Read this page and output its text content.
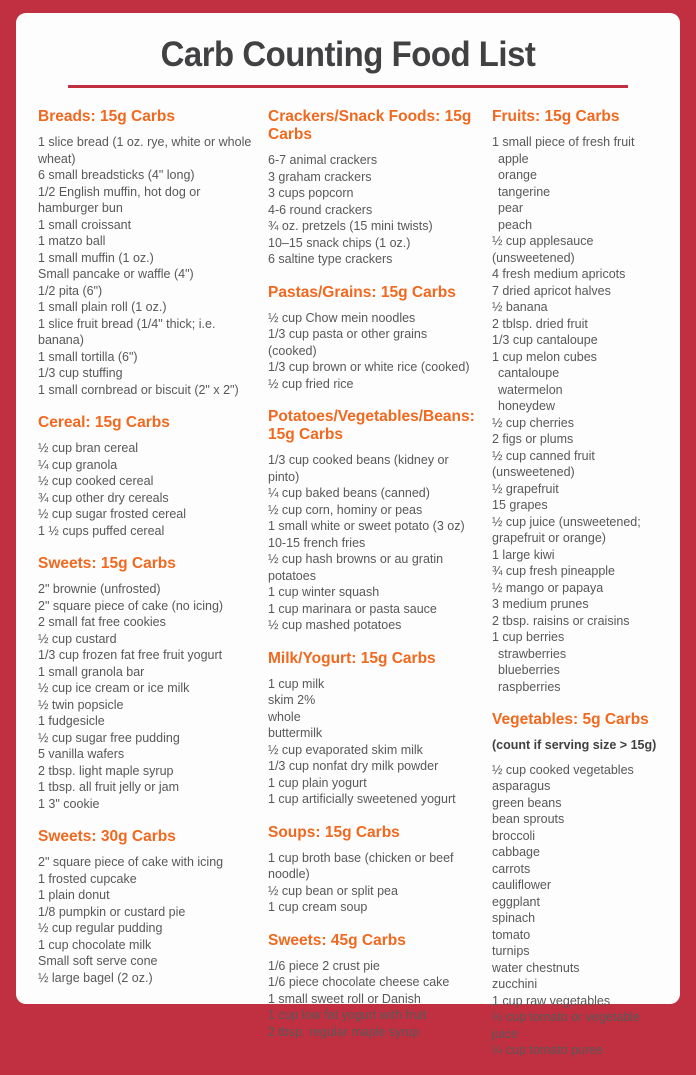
Carb Counting Food List
Breads: 15g Carbs
1 slice bread (1 oz. rye, white or whole wheat)
6 small breadsticks (4" long)
1/2 English muffin, hot dog or hamburger bun
1 small croissant
1 matzo ball
1 small muffin (1 oz.)
Small pancake or waffle (4")
1/2 pita (6")
1 small plain roll (1 oz.)
1 slice fruit bread (1/4" thick; i.e. banana)
1 small tortilla (6")
1/3 cup stuffing
1 small cornbread or biscuit (2" x 2")
Cereal: 15g Carbs
½ cup bran cereal
¼ cup granola
½ cup cooked cereal
¾ cup other dry cereals
½ cup sugar frosted cereal
1 ½ cups puffed cereal
Sweets: 15g Carbs
2" brownie (unfrosted)
2" square piece of cake (no icing)
2 small fat free cookies
½ cup custard
1/3 cup frozen fat free fruit yogurt
1 small granola bar
½ cup ice cream or ice milk
½ twin popsicle
1 fudgesicle
½ cup sugar free pudding
5 vanilla wafers
2 tbsp. light maple syrup
1 tbsp. all fruit jelly or jam
1 3" cookie
Sweets: 30g Carbs
2" square piece of cake with icing
1 frosted cupcake
1 plain donut
1/8 pumpkin or custard pie
½ cup regular pudding
1 cup chocolate milk
Small soft serve cone
½ large bagel (2 oz.)
Crackers/Snack Foods: 15g Carbs
6-7 animal crackers
3 graham crackers
3 cups popcorn
4-6 round crackers
¾ oz. pretzels (15 mini twists)
10–15 snack chips (1 oz.)
6 saltine type crackers
Pastas/Grains: 15g Carbs
½ cup Chow mein noodles
1/3 cup pasta or other grains (cooked)
1/3 cup brown or white rice (cooked)
½ cup fried rice
Potatoes/Vegetables/Beans: 15g Carbs
1/3 cup cooked beans (kidney or pinto)
¼ cup baked beans (canned)
½ cup corn, hominy or peas
1 small white or sweet potato (3 oz)
10-15 french fries
½ cup hash browns or au gratin potatoes
1 cup winter squash
1 cup marinara or pasta sauce
½ cup mashed potatoes
Milk/Yogurt: 15g Carbs
1 cup milk
skim 2%
whole
buttermilk
½ cup evaporated skim milk
1/3 cup nonfat dry milk powder
1 cup plain yogurt
1 cup artificially sweetened yogurt
Soups: 15g Carbs
1 cup broth base (chicken or beef noodle)
½ cup bean or split pea
1 cup cream soup
Sweets: 45g Carbs
1/6 piece 2 crust pie
1/6 piece chocolate cheese cake
1 small sweet roll or Danish
1 cup low fat yogurt with fruit
2 tbsp. regular maple syrup
Fruits: 15g Carbs
1 small piece of fresh fruit
apple
orange
tangerine
pear
peach
½ cup applesauce (unsweetened)
4 fresh medium apricots
7 dried apricot halves
½ banana
2 tblsp. dried fruit
1/3 cup cantaloupe
1 cup melon cubes
cantaloupe
watermelon
honeydew
½ cup cherries
2 figs or plums
½ cup canned fruit (unsweetened)
½ grapefruit
15 grapes
½ cup juice (unsweetened; grapefruit or orange)
1 large kiwi
¾ cup fresh pineapple
½ mango or papaya
3 medium prunes
2 tbsp. raisins or craisins
1 cup berries
strawberries
blueberries
raspberries
Vegetables: 5g Carbs
(count if serving size > 15g)
½ cup cooked vegetables
asparagus
green beans
bean sprouts
broccoli
cabbage
carrots
cauliflower
eggplant
spinach
tomato
turnips
water chestnuts
zucchini
1 cup raw vegetables
½ cup tomato or vegetable juice
¼ cup tomato puree
